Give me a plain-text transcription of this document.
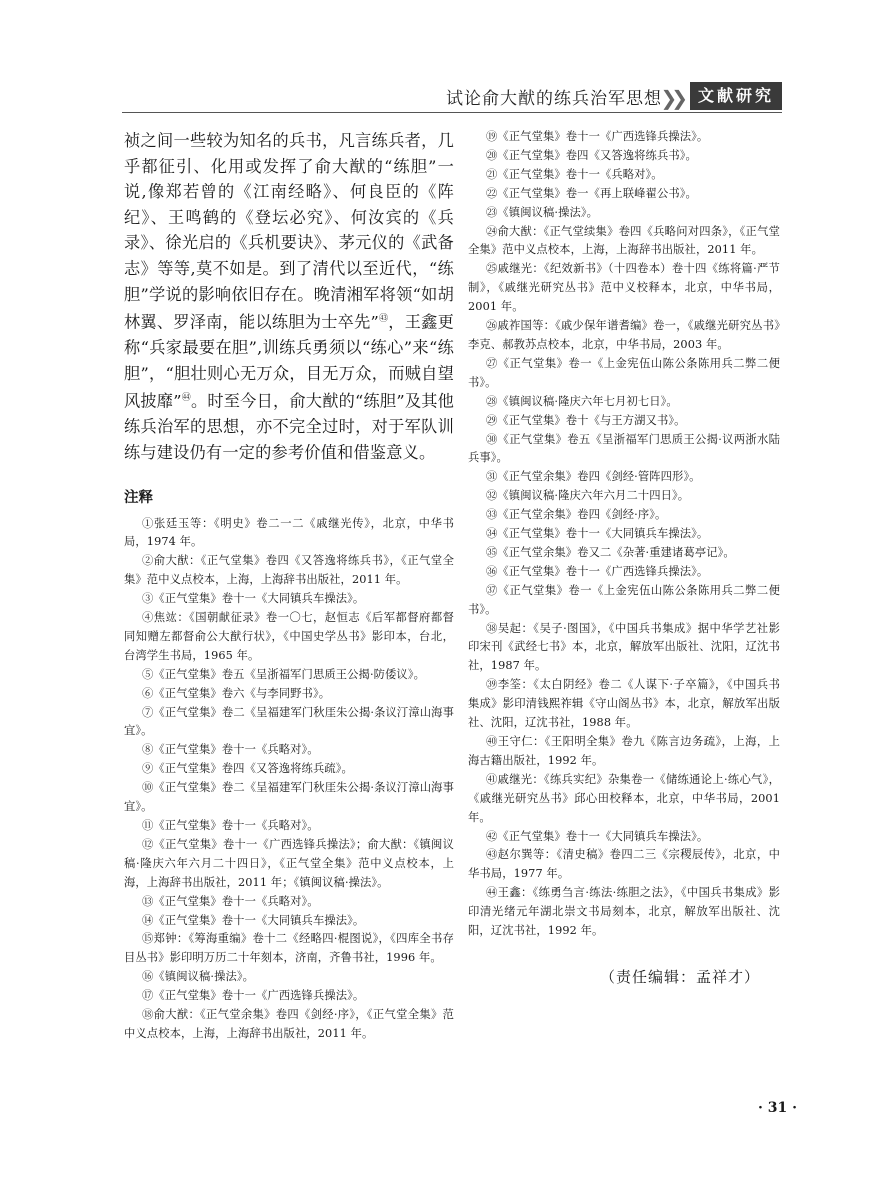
试论俞大猷的练兵治军思想
❯❯ 文献研究
祯之间一些较为知名的兵书，凡言练兵者，几乎都征引、化用或发挥了俞大猷的“练胆”一说,像郑若曾的《江南经略》、何良臣的《阵纪》、王鸣鹤的《登坛必究》、何汝宾的《兵录》、徐光启的《兵机要诀》、茅元仪的《武备志》等等,莫不如是。到了清代以至近代，“练胆”学说的影响依旧存在。晚清湘军将领“如胡林翼、罗泽南，能以练胆为士卒先”$^㊸$，王鑫更称“兵家最要在胆”,训练兵勇须以“练心”来“练胆”，“胆壮则心无万众，目无万众，而贼自望风披靡”$^㊹$。时至今日，俞大猷的“练胆”及其他练兵治军的思想，亦不完全过时，对于军队训练与建设仍有一定的参考价值和借鉴意义。
注释

①张廷玉等：《明史》卷二一二《戚继光传》，北京，中华书局，1974 年。

②俞大猷：《正气堂集》卷四《又答逸将练兵书》，《正气堂全集》范中义点校本，上海，上海辞书出版社，2011 年。

③《正气堂集》卷十一《大同镇兵车操法》。

④焦竑：《国朝献征录》卷一〇七，赵恒志《后军都督府都督同知赠左都督俞公大猷行状》，《中国史学丛书》影印本，台北，台湾学生书局，1965 年。

⑤《正气堂集》卷五《呈浙福军门思质王公揭·防倭议》。

⑥《正气堂集》卷六《与李同野书》。

⑦《正气堂集》卷二《呈福建军门秋厓朱公揭·条议汀漳山海事宜》。

⑧《正气堂集》卷十一《兵略对》。

⑨《正气堂集》卷四《又答逸将练兵疏》。

⑩《正气堂集》卷二《呈福建军门秋厓朱公揭·条议汀漳山海事宜》。

⑪《正气堂集》卷十一《兵略对》。

⑫《正气堂集》卷十一《广西选锋兵操法》；俞大猷：《镇闽议稿·隆庆六年六月二十四日》，《正气堂全集》范中义点校本，上海，上海辞书出版社，2011 年；《镇闽议稿·操法》。

⑬《正气堂集》卷十一《兵略对》。

⑭《正气堂集》卷十一《大同镇兵车操法》。

⑮郑钟：《筹海重编》卷十二《经略四·棍图说》，《四库全书存目丛书》影印明万历二十年刻本，济南，齐鲁书社，1996 年。

⑯《镇闽议稿·操法》。

⑰《正气堂集》卷十一《广西选锋兵操法》。

⑱俞大猷：《正气堂余集》卷四《剑经·序》，《正气堂全集》范中义点校本，上海，上海辞书出版社，2011 年。

⑲《正气堂集》卷十一《广西选锋兵操法》。

⑳《正气堂集》卷四《又答逸将练兵书》。

㉑《正气堂集》卷十一《兵略对》。

㉒《正气堂集》卷一《再上联峰翟公书》。

㉓《镇闽议稿·操法》。

㉔俞大猷：《正气堂续集》卷四《兵略问对四条》，《正气堂全集》范中义点校本，上海，上海辞书出版社，2011 年。

㉕戚继光：《纪效新书》（十四卷本）卷十四《练将篇·严节制》，《戚继光研究丛书》范中义校释本，北京，中华书局，2001 年。

㉖戚祚国等：《戚少保年谱耆编》卷一，《戚继光研究丛书》李克、郝教苏点校本，北京，中华书局，2003 年。

㉗《正气堂集》卷一《上金宪伍山陈公条陈用兵二弊二便书》。

㉘《镇闽议稿·隆庆六年七月初七日》。

㉙《正气堂集》卷十《与王方湖又书》。

㉚《正气堂集》卷五《呈浙福军门思质王公揭·议两浙水陆兵事》。

㉛《正气堂余集》卷四《剑经·管阵四形》。

㉜《镇闽议稿·隆庆六年六月二十四日》。

㉝《正气堂余集》卷四《剑经·序》。

㉞《正气堂集》卷十一《大同镇兵车操法》。

㉟《正气堂余集》卷又二《杂著·重建诸葛亭记》。

㊱《正气堂集》卷十一《广西选锋兵操法》。

㊲《正气堂集》卷一《上金宪伍山陈公条陈用兵二弊二便书》。

㊳吴起：《吴子·图国》，《中国兵书集成》据中华学艺社影印宋刊《武经七书》本，北京，解放军出版社、沈阳，辽沈书社，1987 年。

㊴李筌：《太白阴经》卷二《人谋下·子卒篇》，《中国兵书集成》影印清钱熙祚辑《守山阁丛书》本，北京，解放军出版社、沈阳，辽沈书社，1988 年。

㊵王守仁：《王阳明全集》卷九《陈言边务疏》，上海，上海古籍出版社，1992 年。

㊶戚继光：《练兵实纪》杂集卷一《储练通论上·练心气》，《戚继光研究丛书》邱心田校释本，北京，中华书局，2001 年。

㊷《正气堂集》卷十一《大同镇兵车操法》。

㊸赵尔巽等：《清史稿》卷四二三《宗稷辰传》，北京，中华书局，1977 年。

㊹王鑫：《练勇刍言·练法·练胆之法》，《中国兵书集成》影印清光绪元年湖北崇文书局刻本，北京，解放军出版社、沈阳，辽沈书社，1992 年。

（责任编辑：孟祥才）
· 31 ·
